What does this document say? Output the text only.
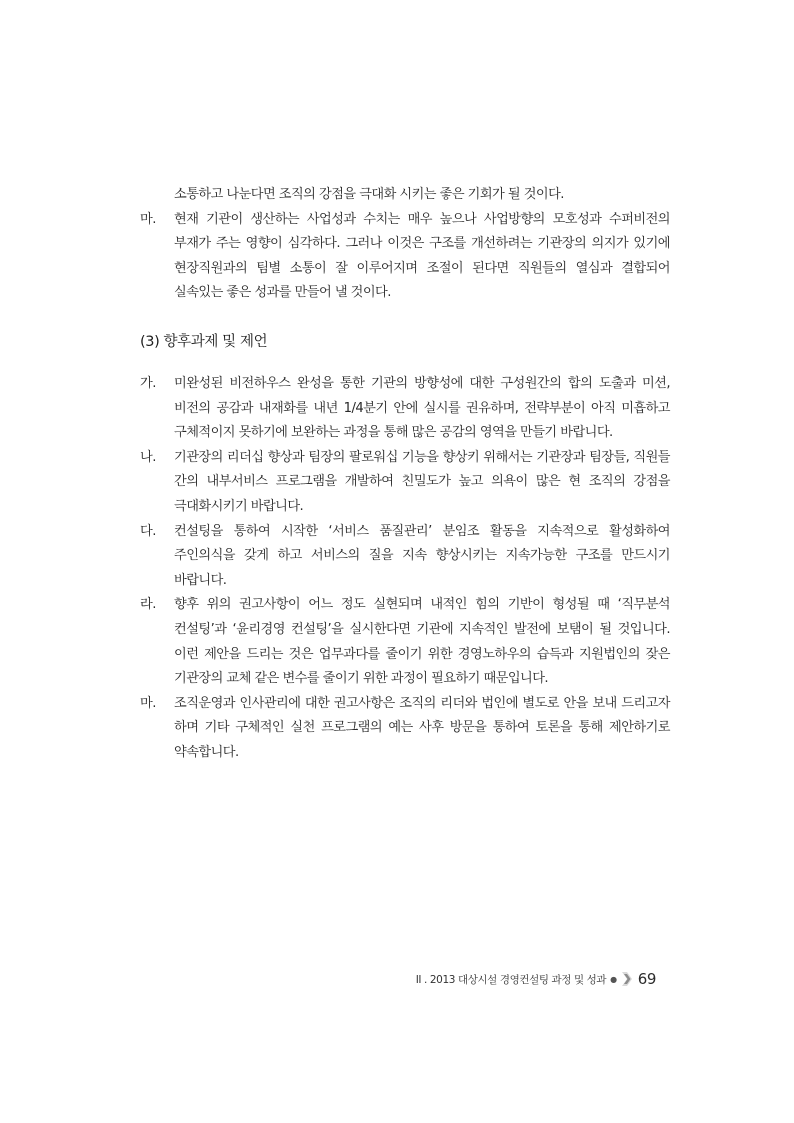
소통하고 나눈다면 조직의 강점을 극대화 시키는 좋은 기회가 될 것이다.
마.	현재 기관이 생산하는 사업성과 수치는 매우 높으나 사업방향의 모호성과 수퍼비전의 부재가 주는 영향이 심각하다. 그러나 이것은 구조를 개선하려는 기관장의 의지가 있기에 현장직원과의 팀별 소통이 잘 이루어지며 조절이 된다면 직원들의 열심과 결합되어 실속있는 좋은 성과를 만들어 낼 것이다.
(3) 향후과제 및 제언
가.	미완성된 비전하우스 완성을 통한 기관의 방향성에 대한 구성원간의 합의 도출과 미션, 비전의 공감과 내재화를 내년 1/4분기 안에 실시를 권유하며, 전략부분이 아직 미흡하고 구체적이지 못하기에 보완하는 과정을 통해 많은 공감의 영역을 만들기 바랍니다.
나.	기관장의 리더십 향상과 팀장의 팔로워십 기능을 향상키 위해서는 기관장과 팀장들, 직원들 간의 내부서비스 프로그램을 개발하여 친밀도가 높고 의욕이 많은 현 조직의 강점을 극대화시키기 바랍니다.
다.	컨설팅을 통하여 시작한 ‘서비스 품질관리’ 분임조 활동을 지속적으로 활성화하여 주인의식을 갖게 하고 서비스의 질을 지속 향상시키는 지속가능한 구조를 만드시기 바랍니다.
라.	향후 위의 권고사항이 어느 정도 실현되며 내적인 힘의 기반이 형성될 때 ‘직무분석 컨설팅’과 ‘윤리경영 컨설팅’을 실시한다면 기관에 지속적인 발전에 보탬이 될 것입니다. 이런 제안을 드리는 것은 업무과다를 줄이기 위한 경영노하우의 습득과 지원법인의 잦은 기관장의 교체 같은 변수를 줄이기 위한 과정이 필요하기 때문입니다.
마.	조직운영과 인사관리에 대한 권고사항은 조직의 리더와 법인에 별도로 안을 보내 드리고자 하며 기타 구체적인 실천 프로그램의 예는 사후 방문을 통하여 토론을 통해 제안하기로 약속합니다.
II . 2013 대상시설 경영컨설팅 과정 및 성과 ● 69
